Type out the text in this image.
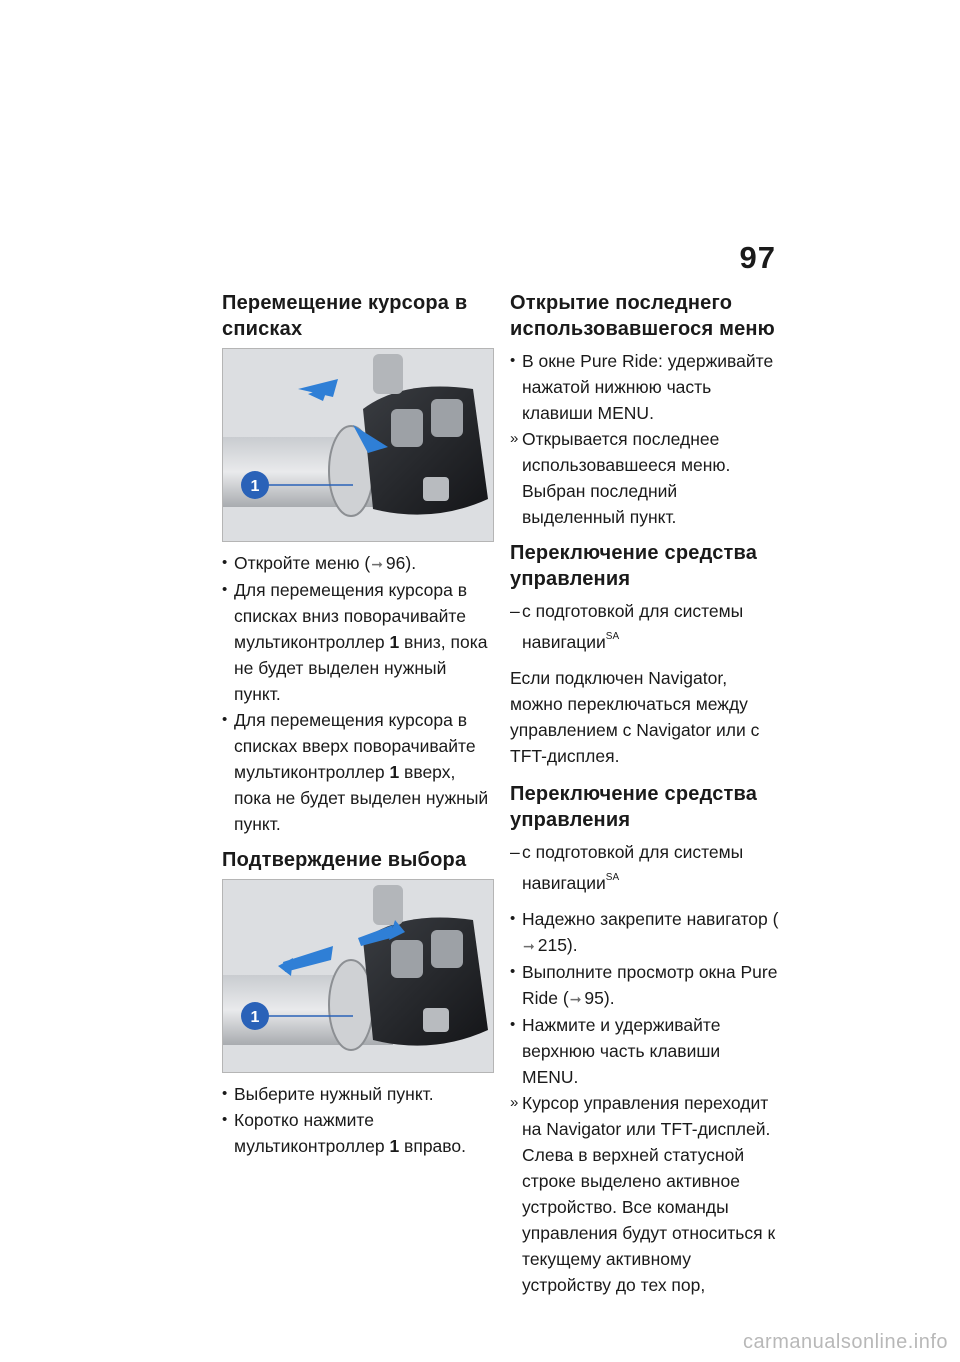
97
Перемещение курсора в списках
1
• Откройте меню (➞ 96).
• Для перемещения курсора в списках вниз поворачивайте мультиконтроллер 1 вниз, пока не будет выделен нужный пункт.
• Для перемещения курсора в списках вверх поворачивайте мультиконтроллер 1 вверх, пока не будет выделен нужный пункт.
Подтверждение выбора
1
• Выберите нужный пункт.
• Коротко нажмите мультиконтроллер 1 вправо.
Открытие последнего использовавшегося меню
• В окне Pure Ride: удерживайте нажатой нижнюю часть клавиши MENU.
» Открывается последнее использовавшееся меню. Выбран последний выделенный пункт.
Переключение средства управления
– с подготовкой для системы навигации$^{SA}$

Если подключен Navigator, можно переключаться между управлением с Navigator или с TFT-дисплея.

Переключение средства управления
– с подготовкой для системы навигации$^{SA}$
• Надежно закрепите навигатор (➞ 215).
• Выполните просмотр окна Pure Ride (➞ 95).
• Нажмите и удерживайте верхнюю часть клавиши MENU.
» Курсор управления переходит на Navigator или TFT-дисплей. Слева в верхней статусной строке выделено активное устройство. Все команды управления будут относиться к текущему активному устройству до тех пор,
carmanualsonline.info
